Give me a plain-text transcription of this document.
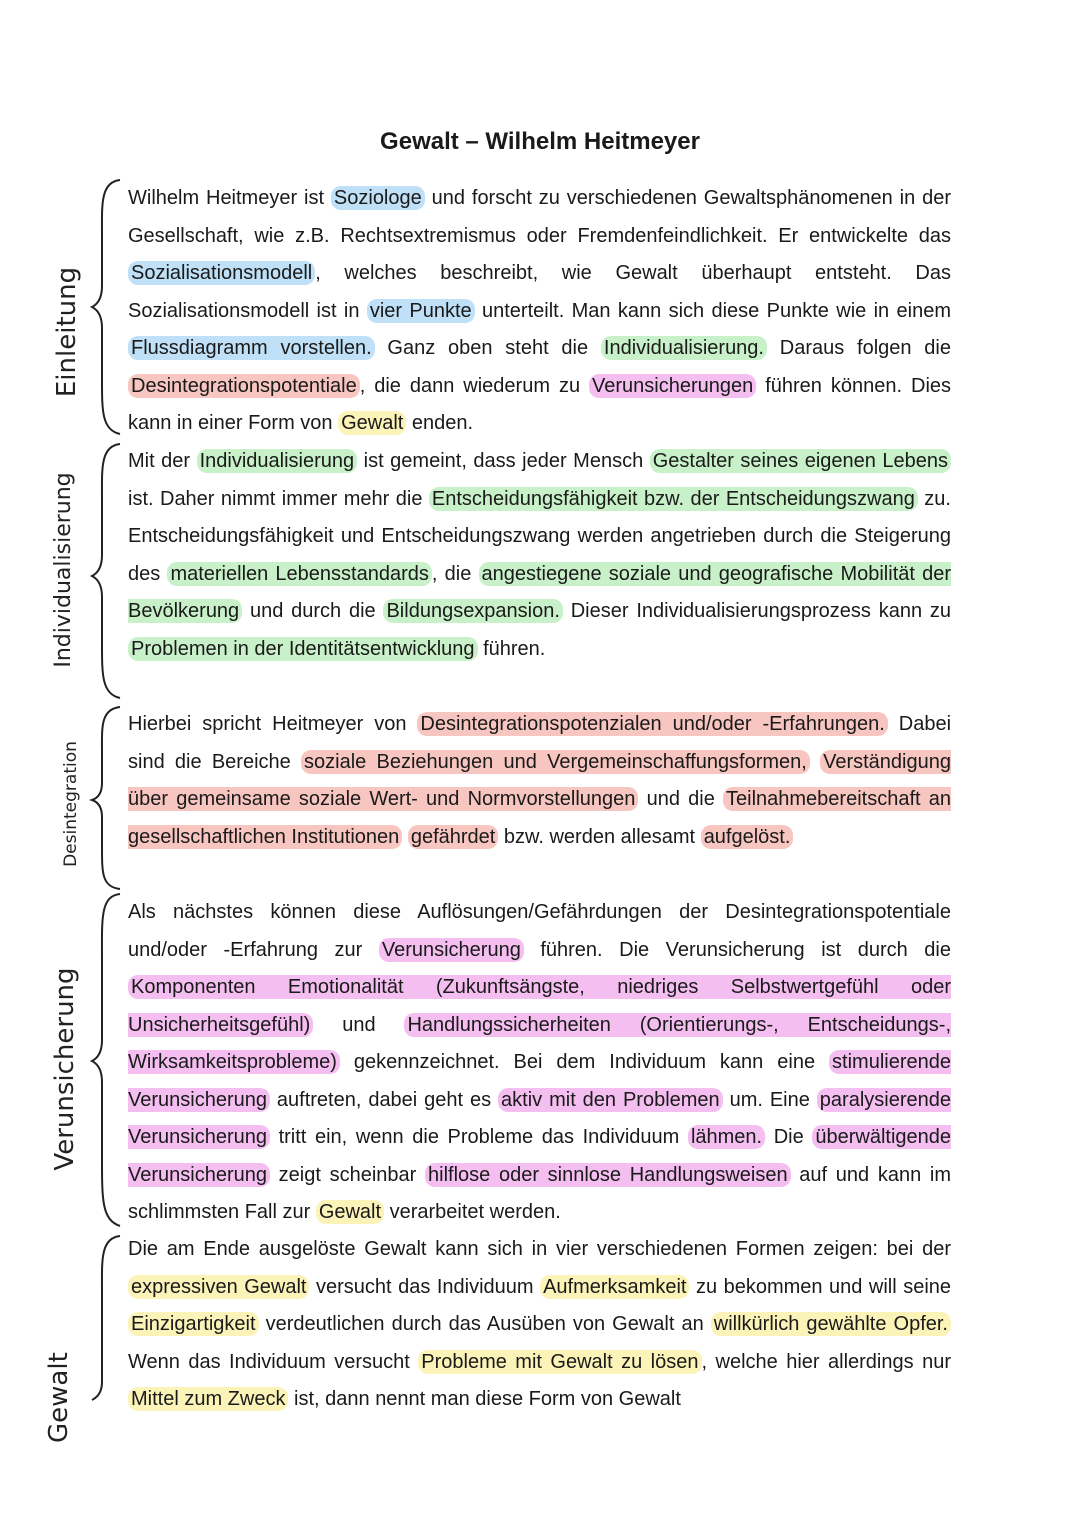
Gewalt – Wilhelm Heitmeyer
Einleitung
Individualisierung
Desintegration
Verunsicherung
Gewalt
Wilhelm Heitmeyer ist Soziologe und forscht zu verschiedenen Gewaltsphänomenen in der Gesellschaft, wie z.B. Rechtsextremismus oder Fremdenfeindlichkeit. Er entwickelte das Sozialisationsmodell , welches beschreibt, wie Gewalt überhaupt entsteht. Das Sozialisationsmodell ist in vier Punkte unterteilt. Man kann sich diese Punkte wie in einem Flussdiagramm vorstellen. Ganz oben steht die Individualisierung. Daraus folgen die Desintegrationspotentiale , die dann wiederum zu Verunsicherungen führen können. Dies kann in einer Form von Gewalt enden.
Mit der Individualisierung ist gemeint, dass jeder Mensch Gestalter seines eigenen Lebens ist. Daher nimmt immer mehr die Entscheidungsfähigkeit bzw. der Entscheidungszwang zu. Entscheidungsfähigkeit und Entscheidungszwang werden angetrieben durch die Steigerung des materiellen Lebensstandards , die angestiegene soziale und geografische Mobilität der Bevölkerung und durch die Bildungsexpansion. Dieser Individualisierungsprozess kann zu Problemen in der Identitätsentwicklung führen.
Hierbei spricht Heitmeyer von Desintegrationspotenzialen und/oder -Erfahrungen. Dabei sind die Bereiche soziale Beziehungen und Vergemeinschaffungsformen, Verständigung über gemeinsame soziale Wert- und Normvorstellungen und die Teilnahmebereitschaft an gesellschaftlichen Institutionen gefährdet bzw. werden allesamt aufgelöst.
Als nächstes können diese Auflösungen/Gefährdungen der Desintegrationspotentiale und/oder -Erfahrung zur Verunsicherung führen. Die Verunsicherung ist durch die Komponenten Emotionalität (Zukunftsängste, niedriges Selbstwertgefühl oder Unsicherheitsgefühl) und Handlungssicherheiten (Orientierungs-, Entscheidungs-, Wirksamkeitsprobleme) gekennzeichnet. Bei dem Individuum kann eine stimulierende Verunsicherung auftreten, dabei geht es aktiv mit den Problemen um. Eine paralysierende Verunsicherung tritt ein, wenn die Probleme das Individuum lähmen. Die überwältigende Verunsicherung zeigt scheinbar hilflose oder sinnlose Handlungsweisen auf und kann im schlimmsten Fall zur Gewalt verarbeitet werden.
Die am Ende ausgelöste Gewalt kann sich in vier verschiedenen Formen zeigen: bei der expressiven Gewalt versucht das Individuum Aufmerksamkeit zu bekommen und will seine Einzigartigkeit verdeutlichen durch das Ausüben von Gewalt an willkürlich gewählte Opfer. Wenn das Individuum versucht Probleme mit Gewalt zu lösen , welche hier allerdings nur Mittel zum Zweck ist, dann nennt man diese Form von Gewalt
